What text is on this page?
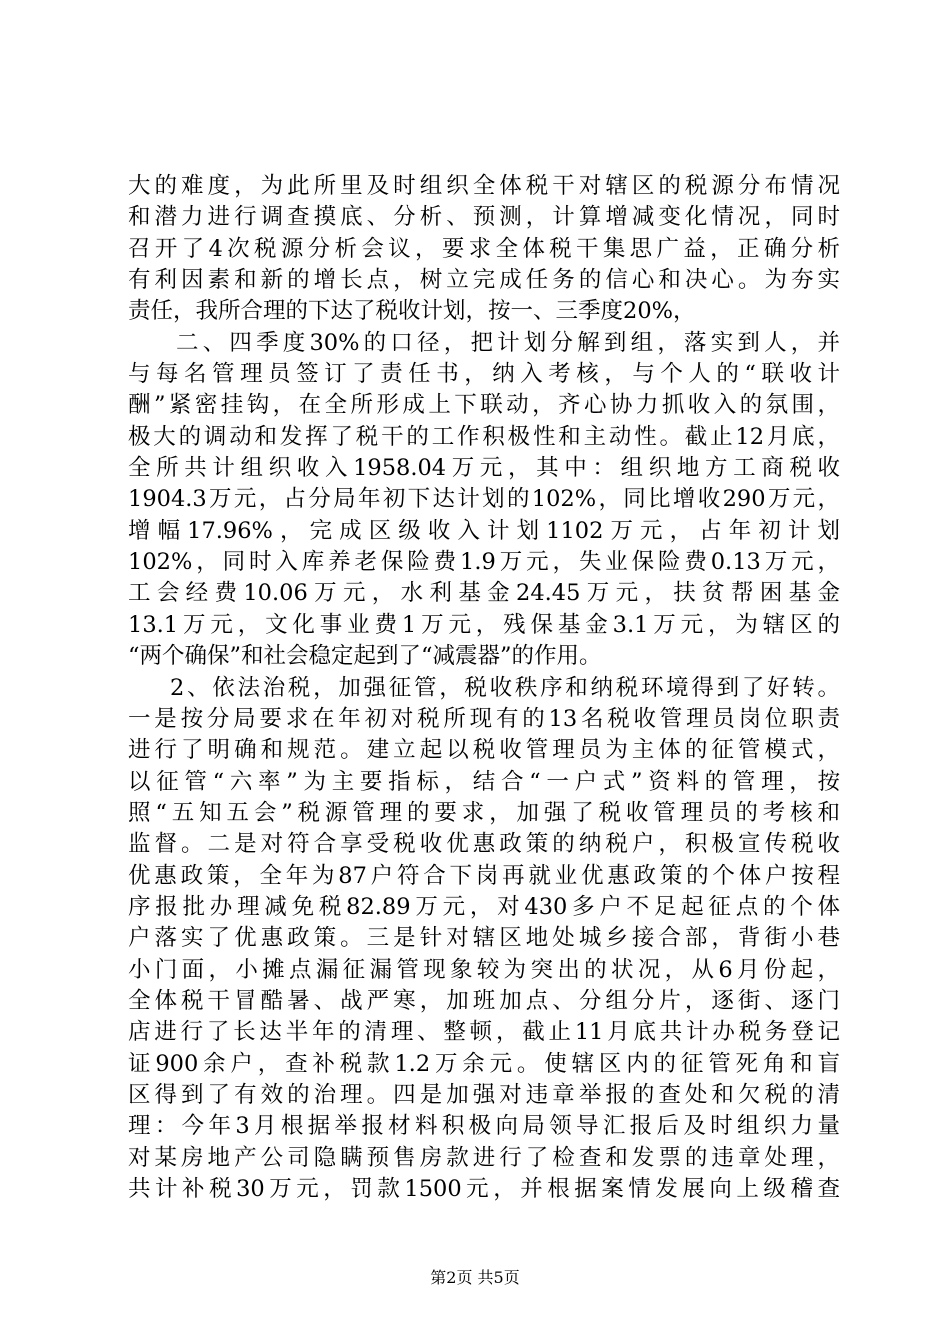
大的难度，为此所里及时组织全体税干对辖区的税源分布情况
和潜力进行调查摸底、分析、预测，计算增减变化情况，同时
召开了4次税源分析会议，要求全体税干集思广益，正确分析
有利因素和新的增长点，树立完成任务的信心和决心。为夯实
责任，我所合理的下达了税收计划，按一、三季度20%，
二、四季度30%的口径，把计划分解到组，落实到人，并
与每名管理员签订了责任书，纳入考核，与个人的“联收计
酬”紧密挂钩，在全所形成上下联动，齐心协力抓收入的氛围，
极大的调动和发挥了税干的工作积极性和主动性。截止12月底，
全所共计组织收入1958.04万元，其中：组织地方工商税收
1904.3万元，占分局年初下达计划的102%，同比增收290万元，
增幅17.96%，完成区级收入计划1102万元，占年初计划
102%，同时入库养老保险费1.9万元，失业保险费0.13万元，
工会经费10.06万元，水利基金24.45万元，扶贫帮困基金
13.1万元，文化事业费1万元，残保基金3.1万元，为辖区的
“两个确保”和社会稳定起到了“减震器”的作用。
2、依法治税，加强征管，税收秩序和纳税环境得到了好转。
一是按分局要求在年初对税所现有的13名税收管理员岗位职责
进行了明确和规范。建立起以税收管理员为主体的征管模式，
以征管“六率”为主要指标，结合“一户式”资料的管理，按
照“五知五会”税源管理的要求，加强了税收管理员的考核和
监督。二是对符合享受税收优惠政策的纳税户，积极宣传税收
优惠政策，全年为87户符合下岗再就业优惠政策的个体户按程
序报批办理减免税82.89万元，对430多户不足起征点的个体
户落实了优惠政策。三是针对辖区地处城乡接合部，背街小巷
小门面，小摊点漏征漏管现象较为突出的状况，从6月份起，
全体税干冒酷暑、战严寒，加班加点、分组分片，逐街、逐门
店进行了长达半年的清理、整顿，截止11月底共计办税务登记
证900余户，查补税款1.2万余元。使辖区内的征管死角和盲
区得到了有效的治理。四是加强对违章举报的查处和欠税的清
理：今年3月根据举报材料积极向局领导汇报后及时组织力量
对某房地产公司隐瞒预售房款进行了检查和发票的违章处理，
共计补税30万元，罚款1500元，并根据案情发展向上级稽查
第2页 共5页
